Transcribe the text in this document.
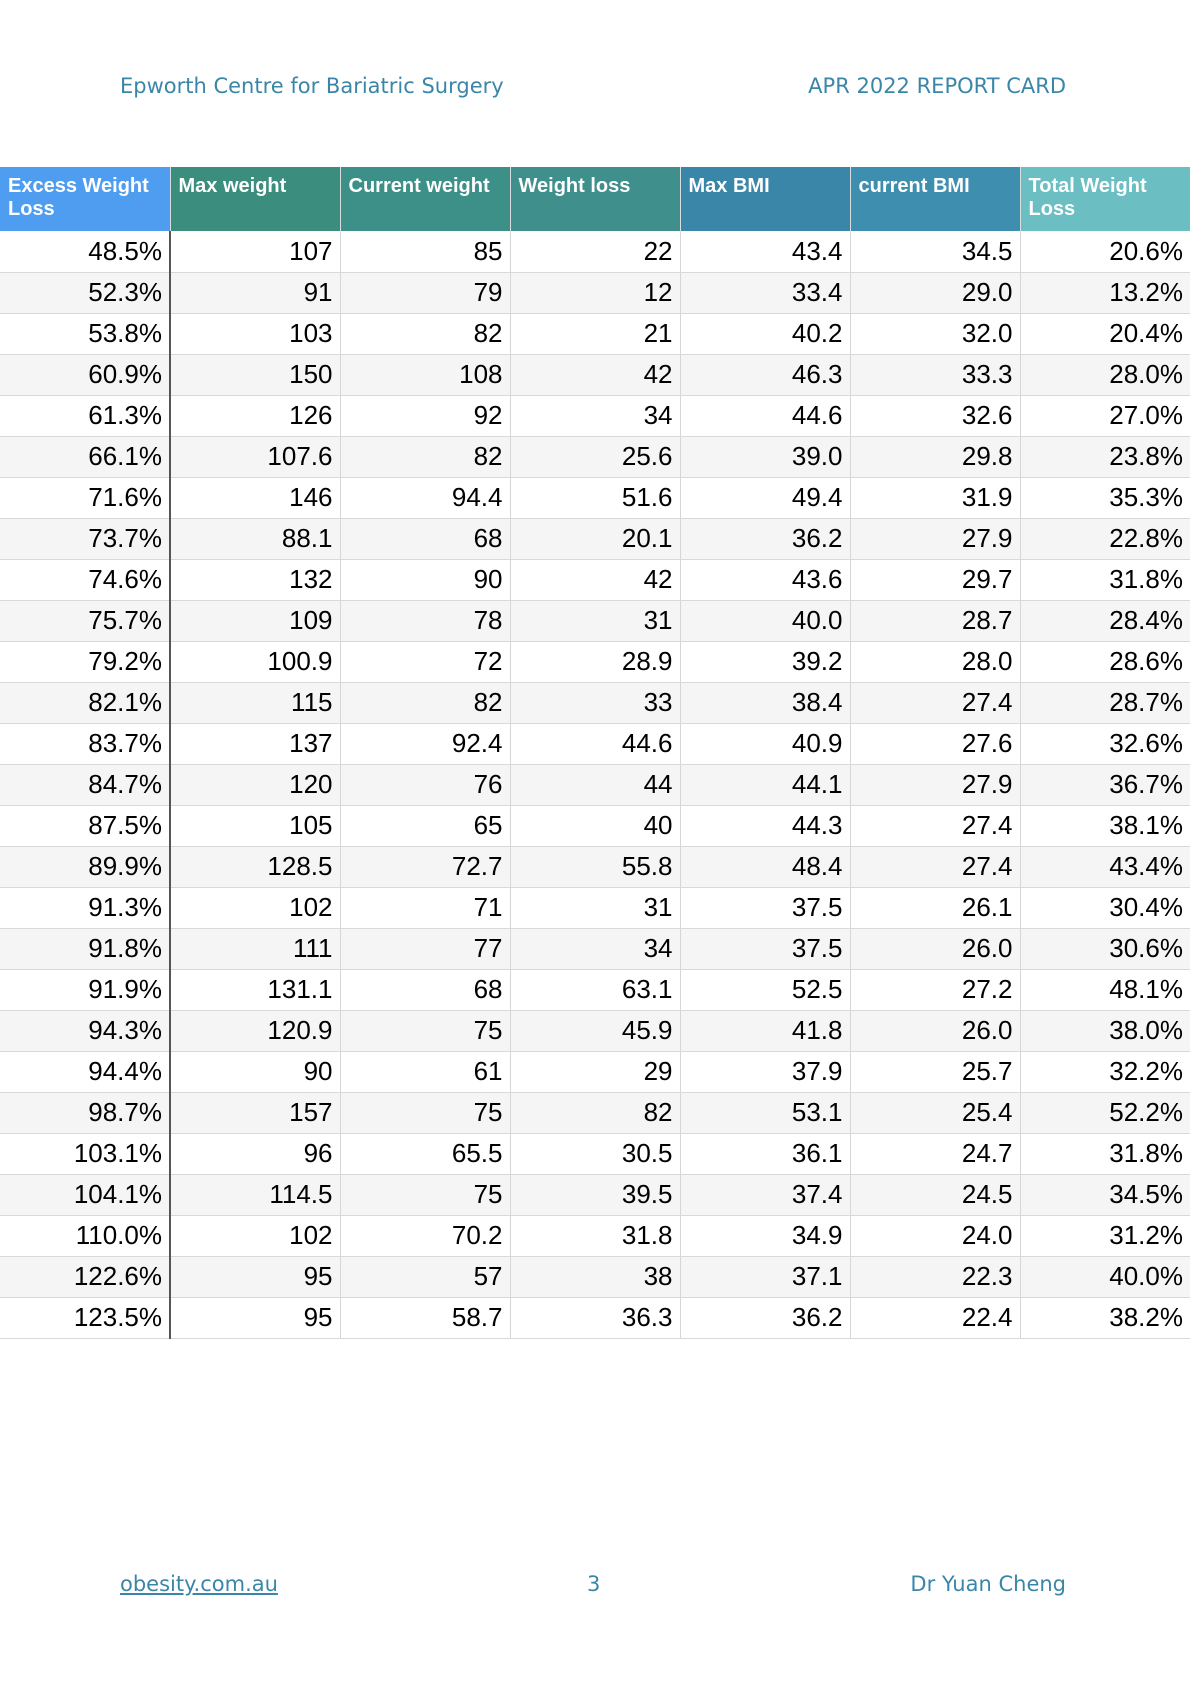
Epworth Centre for Bariatric Surgery	APR 2022 REPORT CARD
Excess Weight Loss	Max weight	Current weight	Weight loss	Max BMI	current BMI	Total Weight Loss
48.5%	107	85	22	43.4	34.5	20.6%
52.3%	91	79	12	33.4	29.0	13.2%
53.8%	103	82	21	40.2	32.0	20.4%
60.9%	150	108	42	46.3	33.3	28.0%
61.3%	126	92	34	44.6	32.6	27.0%
66.1%	107.6	82	25.6	39.0	29.8	23.8%
71.6%	146	94.4	51.6	49.4	31.9	35.3%
73.7%	88.1	68	20.1	36.2	27.9	22.8%
74.6%	132	90	42	43.6	29.7	31.8%
75.7%	109	78	31	40.0	28.7	28.4%
79.2%	100.9	72	28.9	39.2	28.0	28.6%
82.1%	115	82	33	38.4	27.4	28.7%
83.7%	137	92.4	44.6	40.9	27.6	32.6%
84.7%	120	76	44	44.1	27.9	36.7%
87.5%	105	65	40	44.3	27.4	38.1%
89.9%	128.5	72.7	55.8	48.4	27.4	43.4%
91.3%	102	71	31	37.5	26.1	30.4%
91.8%	111	77	34	37.5	26.0	30.6%
91.9%	131.1	68	63.1	52.5	27.2	48.1%
94.3%	120.9	75	45.9	41.8	26.0	38.0%
94.4%	90	61	29	37.9	25.7	32.2%
98.7%	157	75	82	53.1	25.4	52.2%
103.1%	96	65.5	30.5	36.1	24.7	31.8%
104.1%	114.5	75	39.5	37.4	24.5	34.5%
110.0%	102	70.2	31.8	34.9	24.0	31.2%
122.6%	95	57	38	37.1	22.3	40.0%
123.5%	95	58.7	36.3	36.2	22.4	38.2%
obesity.com.au	3	Dr Yuan Cheng
